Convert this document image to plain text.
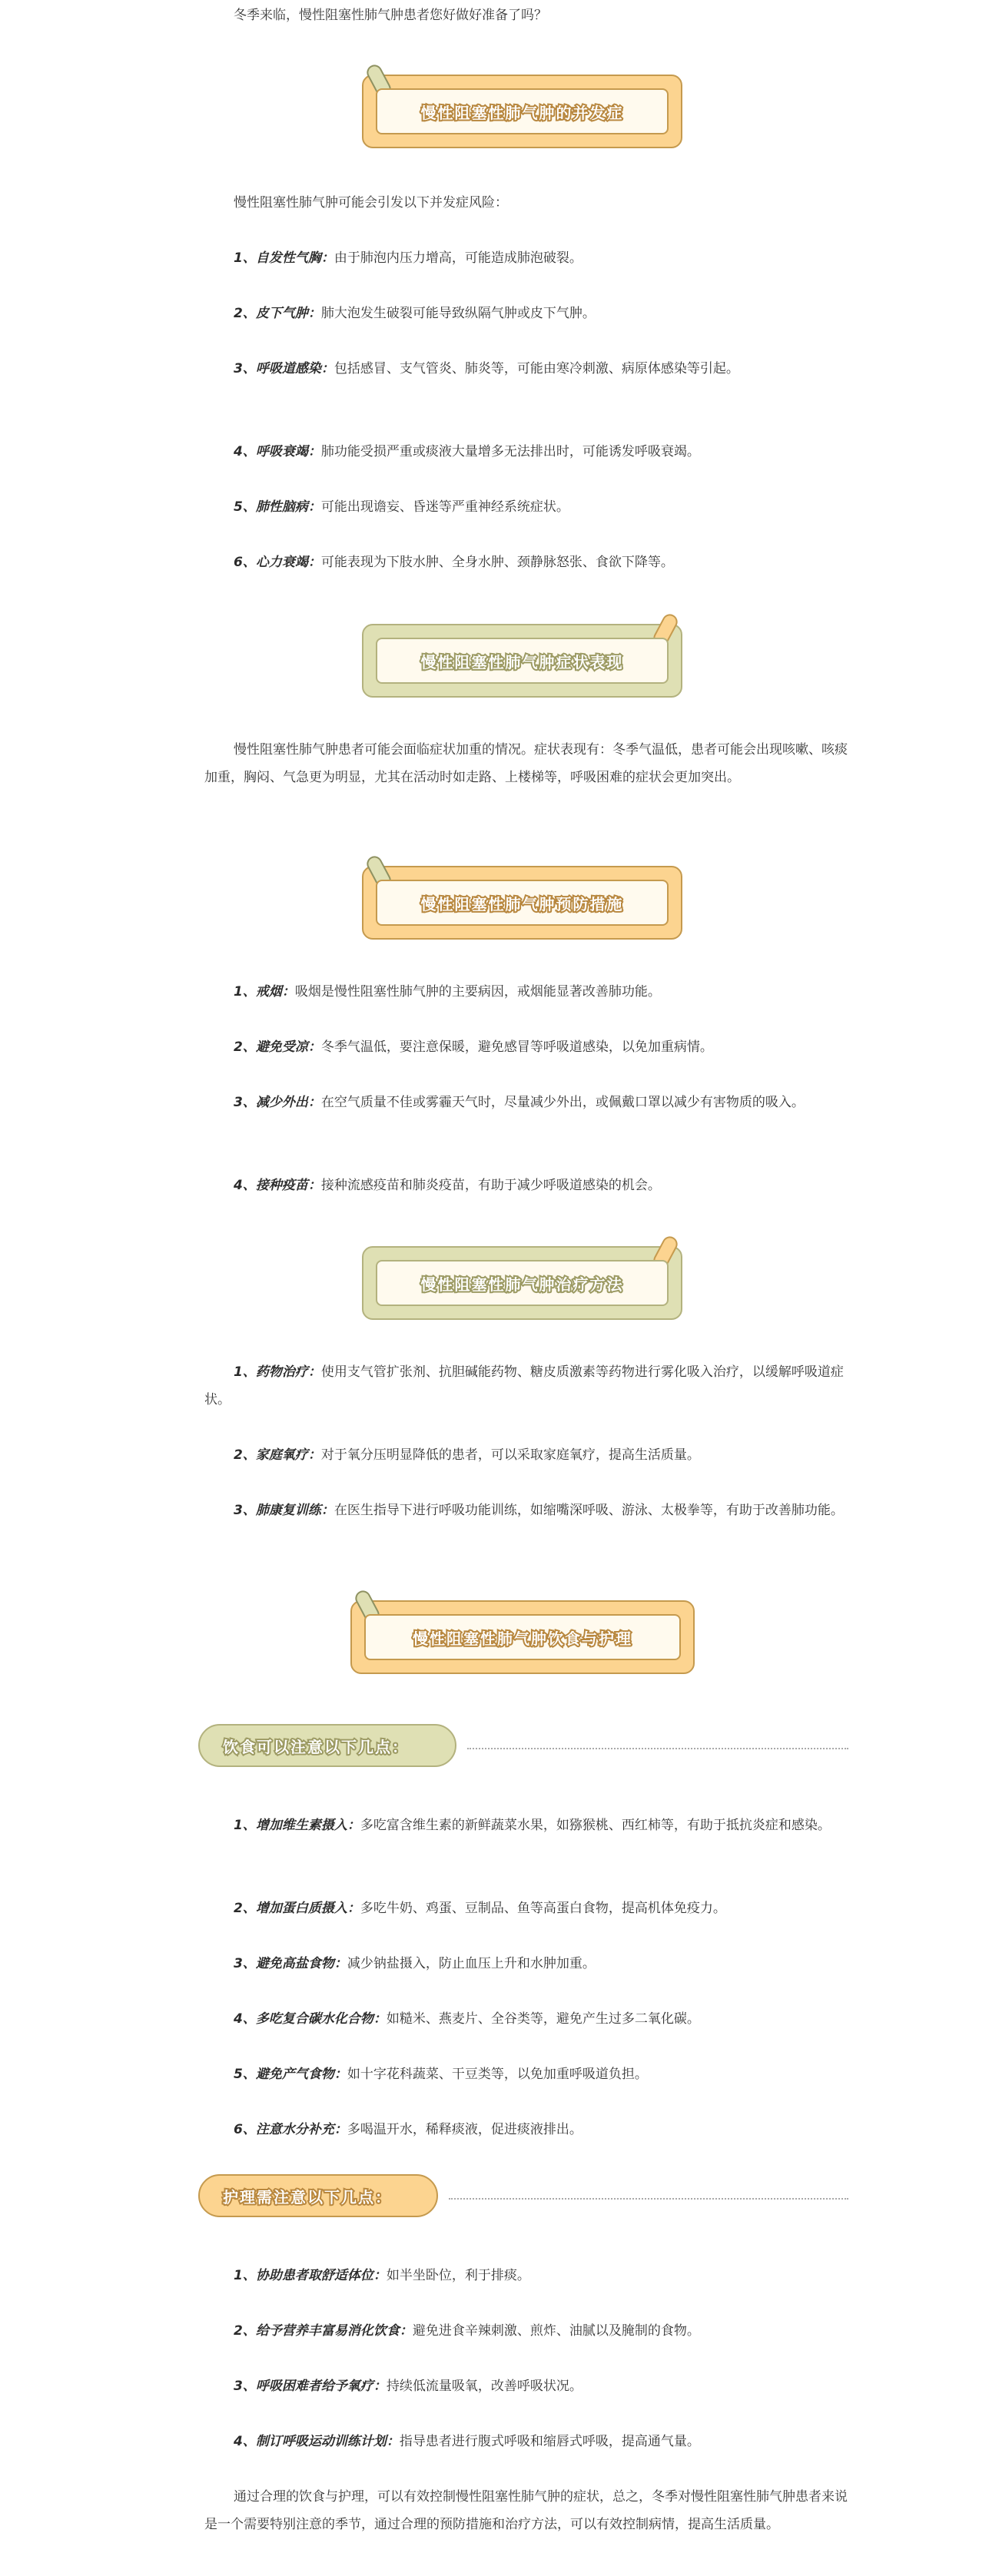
冬季来临，慢性阻塞性肺气肿患者您好做好准备了吗？

慢性阻塞性肺气肿的并发症

慢性阻塞性肺气肿可能会引发以下并发症风险：

1、自发性气胸：由于肺泡内压力增高，可能造成肺泡破裂。

2、皮下气肿：肺大泡发生破裂可能导致纵隔气肿或皮下气肿。

3、呼吸道感染：包括感冒、支气管炎、肺炎等，可能由寒冷刺激、病原体感染等引起。

4、呼吸衰竭：肺功能受损严重或痰液大量增多无法排出时，可能诱发呼吸衰竭。

5、肺性脑病：可能出现谵妄、昏迷等严重神经系统症状。

6、心力衰竭：可能表现为下肢水肿、全身水肿、颈静脉怒张、食欲下降等。

慢性阻塞性肺气肿症状表现

慢性阻塞性肺气肿患者可能会面临症状加重的情况。症状表现有：冬季气温低，患者可能会出现咳嗽、咳痰加重，胸闷、气急更为明显，尤其在活动时如走路、上楼梯等，呼吸困难的症状会更加突出。

慢性阻塞性肺气肿预防措施

1、戒烟：吸烟是慢性阻塞性肺气肿的主要病因，戒烟能显著改善肺功能。

2、避免受凉：冬季气温低，要注意保暖，避免感冒等呼吸道感染，以免加重病情。

3、减少外出：在空气质量不佳或雾霾天气时，尽量减少外出，或佩戴口罩以减少有害物质的吸入。

4、接种疫苗：接种流感疫苗和肺炎疫苗，有助于减少呼吸道感染的机会。

慢性阻塞性肺气肿治疗方法

1、药物治疗：使用支气管扩张剂、抗胆碱能药物、糖皮质激素等药物进行雾化吸入治疗，以缓解呼吸道症状。

2、家庭氧疗：对于氧分压明显降低的患者，可以采取家庭氧疗，提高生活质量。

3、肺康复训练：在医生指导下进行呼吸功能训练，如缩嘴深呼吸、游泳、太极拳等，有助于改善肺功能。

慢性阻塞性肺气肿饮食与护理
饮食可以注意以下几点：

1、增加维生素摄入：多吃富含维生素的新鲜蔬菜水果，如猕猴桃、西红柿等，有助于抵抗炎症和感染。

2、增加蛋白质摄入：多吃牛奶、鸡蛋、豆制品、鱼等高蛋白食物，提高机体免疫力。

3、避免高盐食物：减少钠盐摄入，防止血压上升和水肿加重。

4、多吃复合碳水化合物：如糙米、燕麦片、全谷类等，避免产生过多二氧化碳。

5、避免产气食物：如十字花科蔬菜、干豆类等，以免加重呼吸道负担。

6、注意水分补充：多喝温开水，稀释痰液，促进痰液排出。

护理需注意以下几点：

1、协助患者取舒适体位：如半坐卧位，利于排痰。

2、给予营养丰富易消化饮食：避免进食辛辣刺激、煎炸、油腻以及腌制的食物。

3、呼吸困难者给予氧疗：持续低流量吸氧，改善呼吸状况。

4、制订呼吸运动训练计划：指导患者进行腹式呼吸和缩唇式呼吸，提高通气量。

通过合理的饮食与护理，可以有效控制慢性阻塞性肺气肿的症状，总之，冬季对慢性阻塞性肺气肿患者来说是一个需要特别注意的季节，通过合理的预防措施和治疗方法，可以有效控制病情，提高生活质量。
